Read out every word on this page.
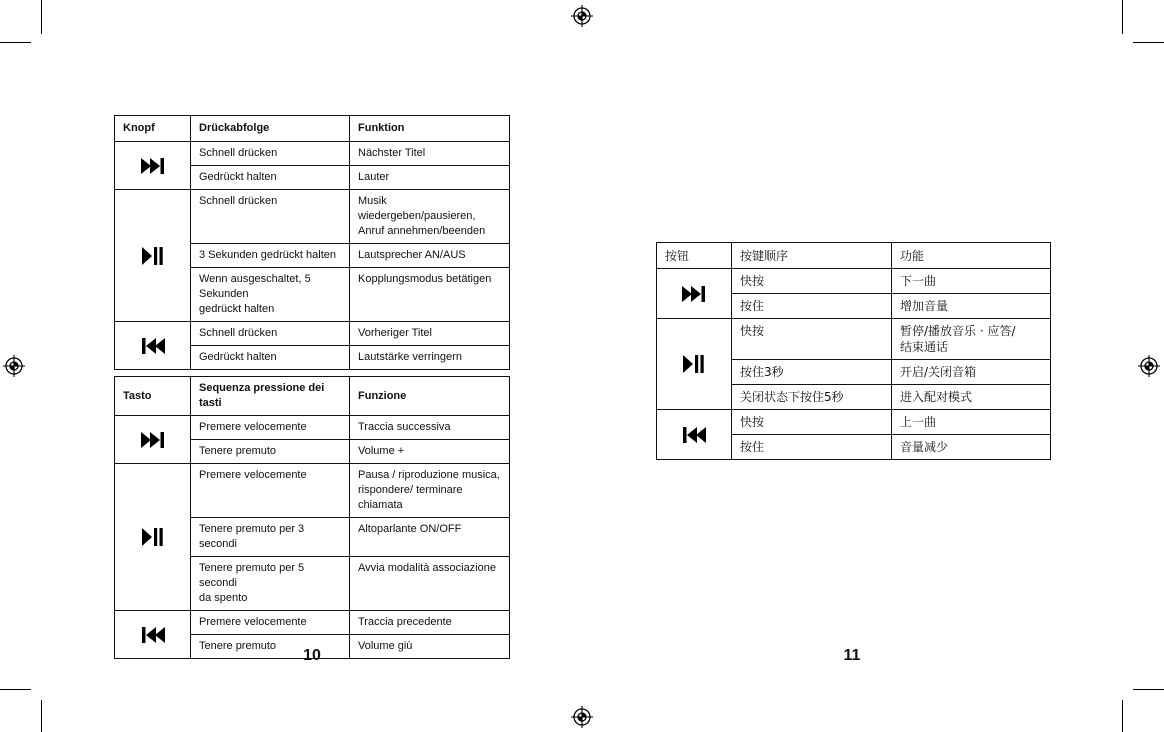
Knopf	Drückabfolge	Funktion

	Schnell drücken	Nächster Titel
	Gedrückt halten	Lauter

	Schnell drücken	Musik wiedergeben/pausieren,
Anruf annehmen/beenden
	3 Sekunden gedrückt halten	Lautsprecher AN/AUS
	Wenn ausgeschaltet, 5 Sekunden
gedrückt halten	Kopplungsmodus betätigen

	Schnell drücken	Vorheriger Titel
	Gedrückt halten	Lautstärke verringern
Tasto	Sequenza pressione dei tasti	Funzione

	Premere velocemente	Traccia successiva
	Tenere premuto	Volume +

	Premere velocemente	Pausa / riproduzione musica,
rispondere/ terminare chiamata
	Tenere premuto per 3 secondi	Altoparlante ON/OFF
	Tenere premuto per 5 secondi
da spento	Avvia modalità associazione

	Premere velocemente	Traccia precedente
	Tenere premuto	Volume giù
按钮	按键顺序	功能

	快按	下一曲
	按住	增加音量

	快按	暂停/播放音乐 · 应答/
结束通话
	按住3秒	开启/关闭音箱
	关闭状态下按住5秒	进入配对模式

	快按	上一曲
	按住	音量减少
10	11
